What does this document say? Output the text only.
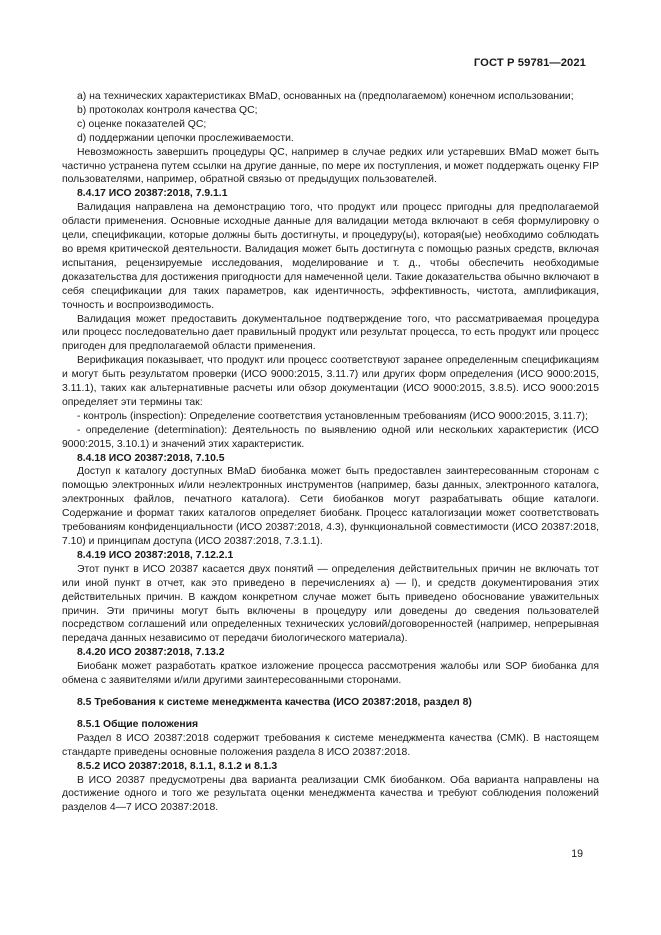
ГОСТ Р 59781—2021

a) на технических характеристиках BMaD, основанных на (предполагаемом) конечном использовании;

b) протоколах контроля качества QC;

c) оценке показателей QC;

d) поддержании цепочки прослеживаемости.

Невозможность завершить процедуры QC, например в случае редких или устаревших BMaD может быть частично устранена путем ссылки на другие данные, по мере их поступления, и может поддержать оценку FIP пользователями, например, обратной связью от предыдущих пользователей.

8.4.17 ИСО 20387:2018, 7.9.1.1

Валидация направлена на демонстрацию того, что продукт или процесс пригодны для предполагаемой области применения. Основные исходные данные для валидации метода включают в себя формулировку о цели, спецификации, которые должны быть достигнуты, и процедуру(ы), которая(ые) необходимо соблюдать во время критической деятельности. Валидация может быть достигнута с помощью разных средств, включая испытания, рецензируемые исследования, моделирование и т. д., чтобы обеспечить необходимые доказательства для достижения пригодности для намеченной цели. Такие доказательства обычно включают в себя спецификации для таких параметров, как идентичность, эффективность, чистота, амплификация, точность и воспроизводимость.

Валидация может предоставить документальное подтверждение того, что рассматриваемая процедура или процесс последовательно дает правильный продукт или результат процесса, то есть продукт или процесс пригоден для предполагаемой области применения.

Верификация показывает, что продукт или процесс соответствуют заранее определенным спецификациям и могут быть результатом проверки (ИСО 9000:2015, 3.11.7) или других форм определения (ИСО 9000:2015, 3.11.1), таких как альтернативные расчеты или обзор документации (ИСО 9000:2015, 3.8.5). ИСО 9000:2015 определяет эти термины так:

- контроль (inspection): Определение соответствия установленным требованиям (ИСО 9000:2015, 3.11.7);

- определение (determination): Деятельность по выявлению одной или нескольких характеристик (ИСО 9000:2015, 3.10.1) и значений этих характеристик.

8.4.18 ИСО 20387:2018, 7.10.5

Доступ к каталогу доступных BMaD биобанка может быть предоставлен заинтересованным сторонам с помощью электронных и/или неэлектронных инструментов (например, базы данных, электронного каталога, электронных файлов, печатного каталога). Сети биобанков могут разрабатывать общие каталоги. Содержание и формат таких каталогов определяет биобанк. Процесс каталогизации может соответствовать требованиям конфиденциальности (ИСО 20387:2018, 4.3), функциональной совместимости (ИСО 20387:2018, 7.10) и принципам доступа (ИСО 20387:2018, 7.3.1.1).

8.4.19 ИСО 20387:2018, 7.12.2.1

Этот пункт в ИСО 20387 касается двух понятий — определения действительных причин не включать тот или иной пункт в отчет, как это приведено в перечислениях a) — l), и средств документирования этих действительных причин. В каждом конкретном случае может быть приведено обоснование уважительных причин. Эти причины могут быть включены в процедуру или доведены до сведения пользователей посредством соглашений или определенных технических условий/договоренностей (например, непрерывная передача данных независимо от передачи биологического материала).

8.4.20 ИСО 20387:2018, 7.13.2

Биобанк может разработать краткое изложение процесса рассмотрения жалобы или SOP биобанка для обмена с заявителями и/или другими заинтересованными сторонами.

8.5 Требования к системе менеджмента качества (ИСО 20387:2018, раздел 8)

8.5.1 Общие положения

Раздел 8 ИСО 20387:2018 содержит требования к системе менеджмента качества (СМК). В настоящем стандарте приведены основные положения раздела 8 ИСО 20387:2018.

8.5.2 ИСО 20387:2018, 8.1.1, 8.1.2 и 8.1.3

В ИСО 20387 предусмотрены два варианта реализации СМК биобанком. Оба варианта направлены на достижение одного и того же результата оценки менеджмента качества и требуют соблюдения положений разделов 4—7 ИСО 20387:2018.

19
